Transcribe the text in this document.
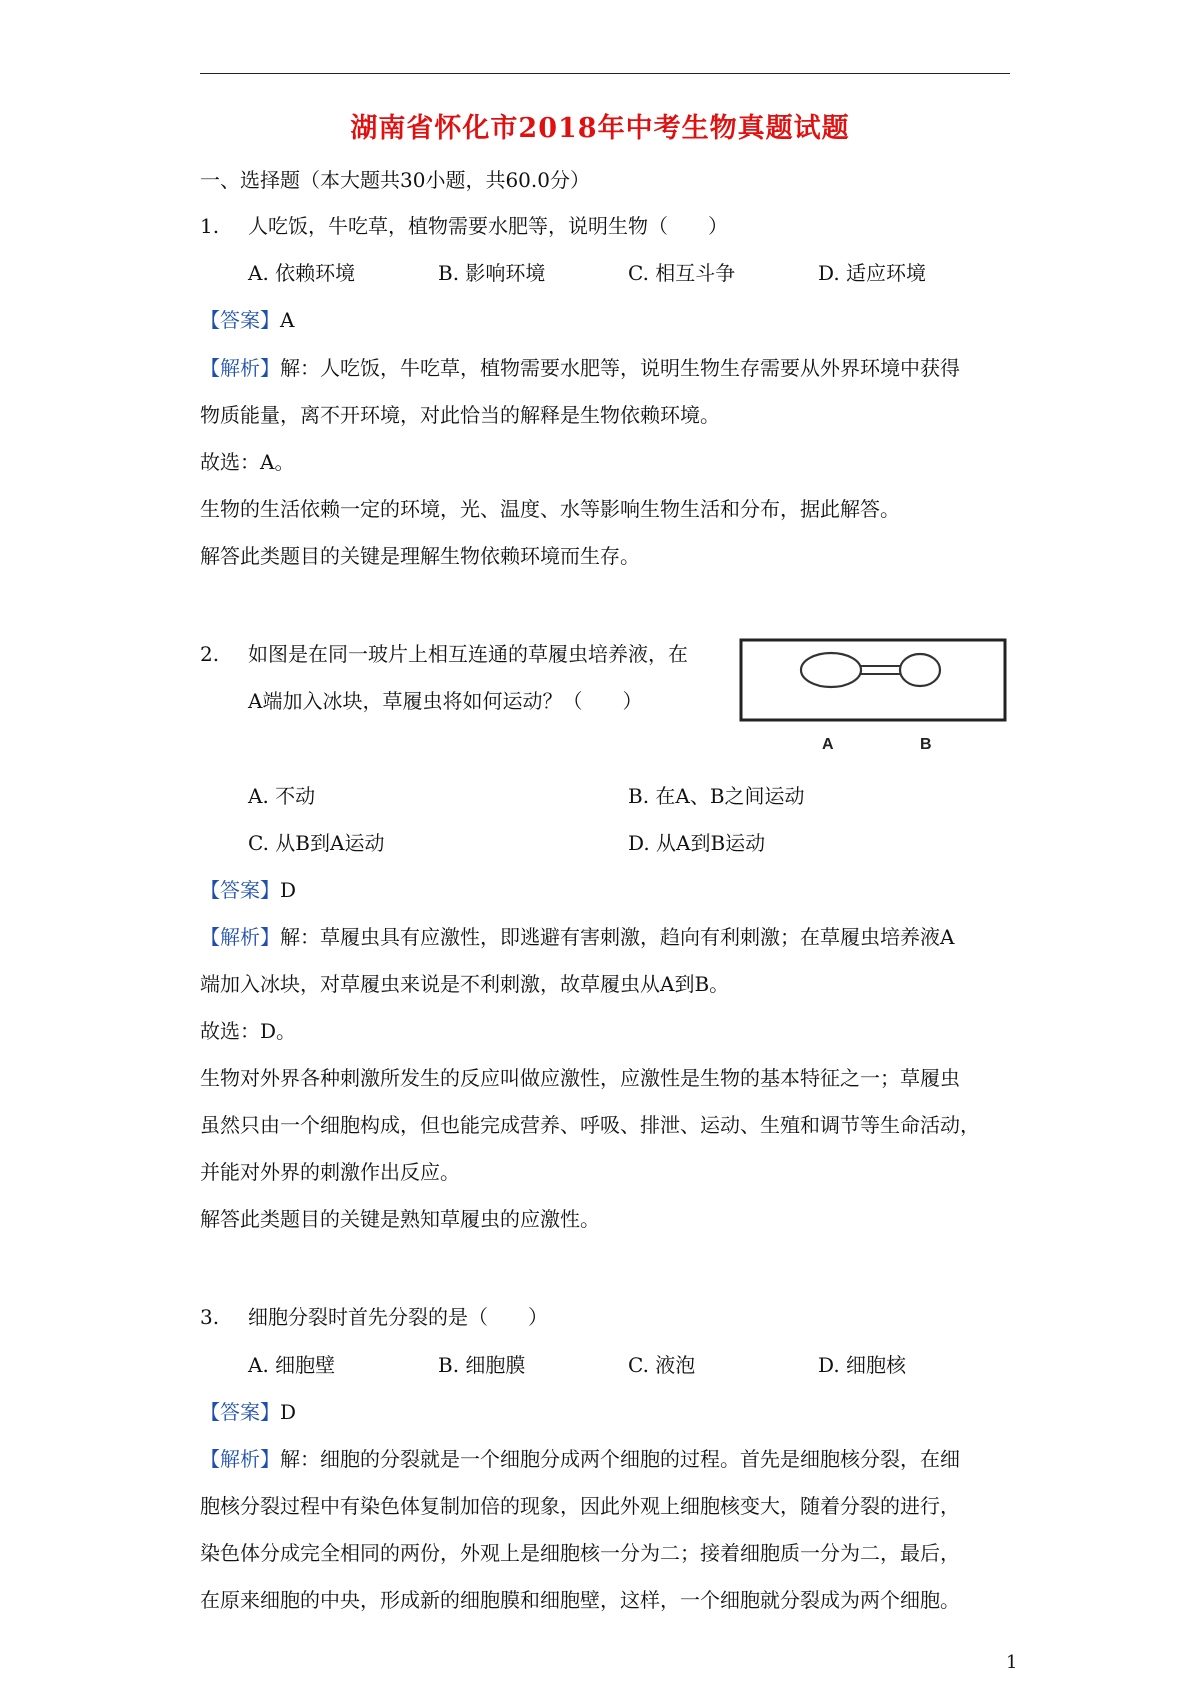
湖南省怀化市2018年中考生物真题试题

一、选择题（本大题共30小题，共60.0分）

1. 人吃饭，牛吃草，植物需要水肥等，说明生物（　　）
A. 依赖环境	B. 影响环境	C. 相互斗争	D. 适应环境

【答案】A

【解析】解：人吃饭，牛吃草，植物需要水肥等，说明生物生存需要从外界环境中获得

物质能量，离不开环境，对此恰当的解释是生物依赖环境。

故选：A。

生物的生活依赖一定的环境，光、温度、水等影响生物生活和分布，据此解答。

解答此类题目的关键是理解生物依赖环境而生存。

2. 如图是在同一玻片上相互连通的草履虫培养液，在
A端加入冰块，草履虫将如何运动？（　　）
A	B
A. 不动	B. 在A、B之间运动
C. 从B到A运动	D. 从A到B运动

【答案】D

【解析】解：草履虫具有应激性，即逃避有害刺激，趋向有利刺激；在草履虫培养液A

端加入冰块，对草履虫来说是不利刺激，故草履虫从A到B。

故选：D。

生物对外界各种刺激所发生的反应叫做应激性，应激性是生物的基本特征之一；草履虫

虽然只由一个细胞构成，但也能完成营养、呼吸、排泄、运动、生殖和调节等生命活动，

并能对外界的刺激作出反应。

解答此类题目的关键是熟知草履虫的应激性。

3. 细胞分裂时首先分裂的是（　　）
A. 细胞壁	B. 细胞膜	C. 液泡	D. 细胞核

【答案】D

【解析】解：细胞的分裂就是一个细胞分成两个细胞的过程。首先是细胞核分裂，在细

胞核分裂过程中有染色体复制加倍的现象，因此外观上细胞核变大，随着分裂的进行，

染色体分成完全相同的两份，外观上是细胞核一分为二；接着细胞质一分为二，最后，

在原来细胞的中央，形成新的细胞膜和细胞壁，这样，一个细胞就分裂成为两个细胞。

1
